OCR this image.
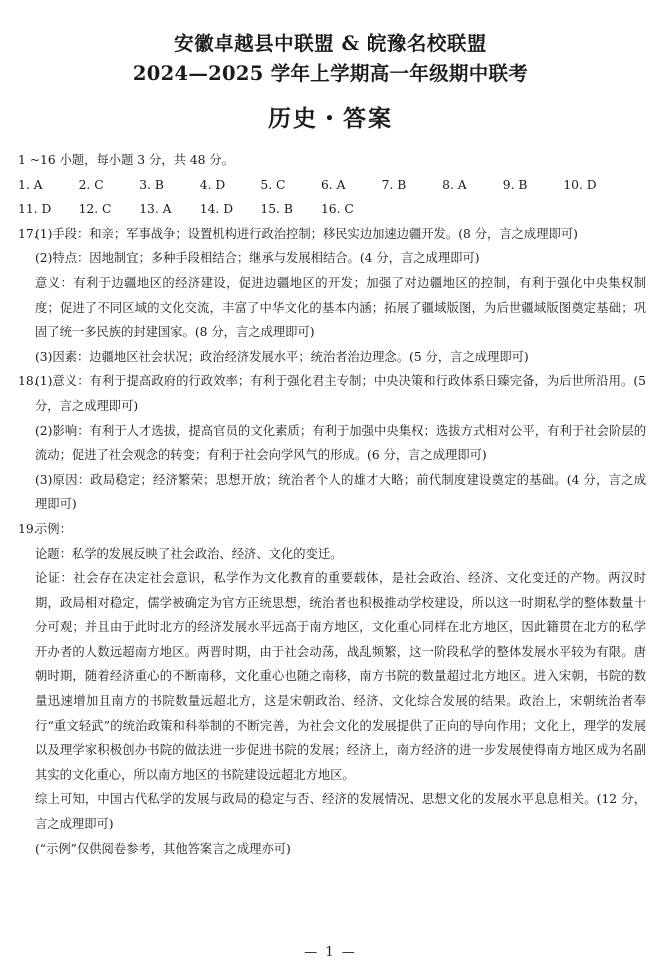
安徽卓越县中联盟 & 皖豫名校联盟
2024—2025 学年上学期高一年级期中联考
历史・答案

1 ~16 小题，每小题 3 分，共 48 分。

1. A	2. C	3. B	4. D	5. C	6. A	7. B	8. A	9. B	10. D
11. D	12. C	13. A	14. D	15. B	16. C
17.

(1)手段：和亲；军事战争；设置机构进行政治控制；移民实边加速边疆开发。(8 分，言之成理即可)

(2)特点：因地制宜；多种手段相结合；继承与发展相结合。(4 分，言之成理即可)

意义：有利于边疆地区的经济建设，促进边疆地区的开发；加强了对边疆地区的控制，有利于强化中央集权制度；促进了不同区域的文化交流，丰富了中华文化的基本内涵；拓展了疆域版图，为后世疆域版图奠定基础；巩固了统一多民族的封建国家。(8 分，言之成理即可)

(3)因素：边疆地区社会状况；政治经济发展水平；统治者治边理念。(5 分，言之成理即可)

18.

(1)意义：有利于提高政府的行政效率；有利于强化君主专制；中央决策和行政体系日臻完备，为后世所沿用。(5 分，言之成理即可)

(2)影响：有利于人才选拔，提高官员的文化素质；有利于加强中央集权；选拔方式相对公平，有利于社会阶层的流动；促进了社会观念的转变；有利于社会向学风气的形成。(6 分，言之成理即可)

(3)原因：政局稳定；经济繁荣；思想开放；统治者个人的雄才大略；前代制度建设奠定的基础。(4 分，言之成理即可)

19.

示例：

论题：私学的发展反映了社会政治、经济、文化的变迁。

论证：社会存在决定社会意识，私学作为文化教育的重要载体，是社会政治、经济、文化变迁的产物。两汉时期，政局相对稳定，儒学被确定为官方正统思想，统治者也积极推动学校建设，所以这一时期私学的整体数量十分可观；并且由于此时北方的经济发展水平远高于南方地区，文化重心同样在北方地区，因此籍贯在北方的私学开办者的人数远超南方地区。两晋时期，由于社会动荡，战乱频繁，这一阶段私学的整体发展水平较为有限。唐朝时期，随着经济重心的不断南移，文化重心也随之南移，南方书院的数量超过北方地区。进入宋朝，书院的数量迅速增加且南方的书院数量远超北方，这是宋朝政治、经济、文化综合发展的结果。政治上，宋朝统治者奉行“重文轻武”的统治政策和科举制的不断完善，为社会文化的发展提供了正向的导向作用；文化上，理学的发展以及理学家积极创办书院的做法进一步促进书院的发展；经济上，南方经济的进一步发展使得南方地区成为名副其实的文化重心，所以南方地区的书院建设远超北方地区。

综上可知，中国古代私学的发展与政局的稳定与否、经济的发展情况、思想文化的发展水平息息相关。(12 分，言之成理即可)

(“示例”仅供阅卷参考，其他答案言之成理亦可)

— 1 —
